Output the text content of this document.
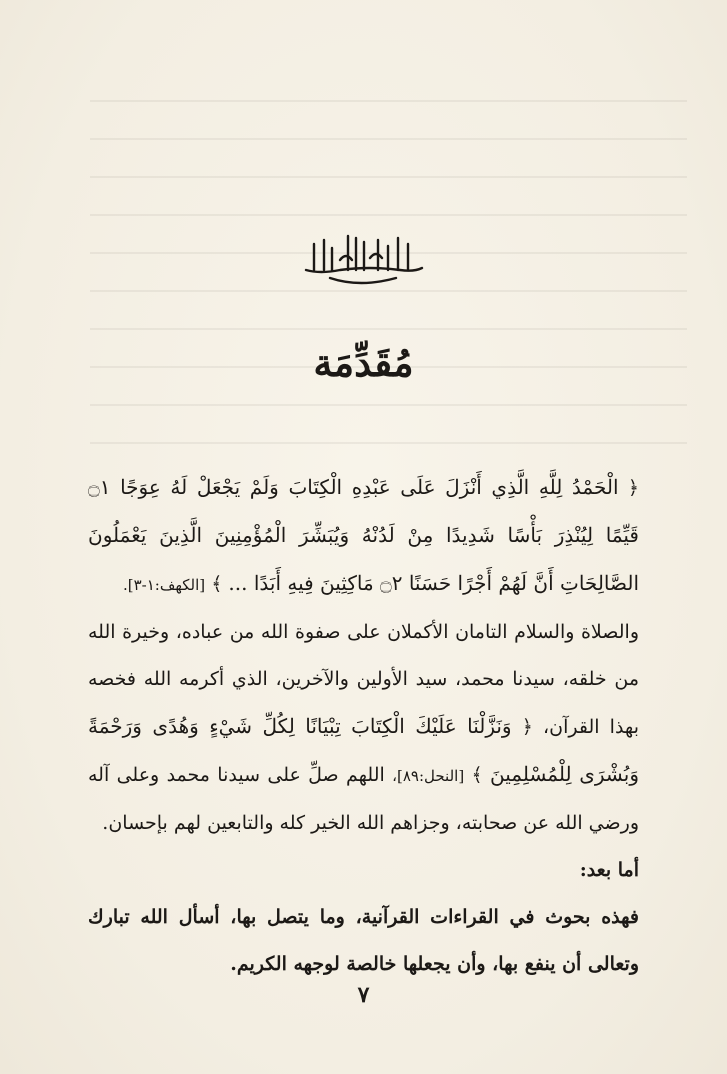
مُقَدِّمَة

﴿ الْحَمْدُ لِلَّهِ الَّذِي أَنْزَلَ عَلَى عَبْدِهِ الْكِتَابَ وَلَمْ يَجْعَلْ لَهُ عِوَجًا ۝١ قَيِّمًا لِيُنْذِرَ بَأْسًا شَدِيدًا مِنْ لَدُنْهُ وَيُبَشِّرَ الْمُؤْمِنِينَ الَّذِينَ يَعْمَلُونَ الصَّالِحَاتِ أَنَّ لَهُمْ أَجْرًا حَسَنًا ۝٢ مَاكِثِينَ فِيهِ أَبَدًا ... ﴾ [الكهف:١-٣].

والصلاة والسلام التامان الأكملان على صفوة الله من عباده، وخيرة الله من خلقه، سيدنا محمد، سيد الأولين والآخرين، الذي أكرمه الله فخصه بهذا القرآن، ﴿ وَنَزَّلْنَا عَلَيْكَ الْكِتَابَ تِبْيَانًا لِكُلِّ شَيْءٍ وَهُدًى وَرَحْمَةً وَبُشْرَى لِلْمُسْلِمِينَ ﴾ [النحل:٨٩]، اللهم صلِّ على سيدنا محمد وعلى آله ورضي الله عن صحابته، وجزاهم الله الخير كله والتابعين لهم بإحسان.

أما بعد:

فهذه بحوث في القراءات القرآنية، وما يتصل بها، أسأل الله تبارك وتعالى أن ينفع بها، وأن يجعلها خالصة لوجهه الكريم.

٧
